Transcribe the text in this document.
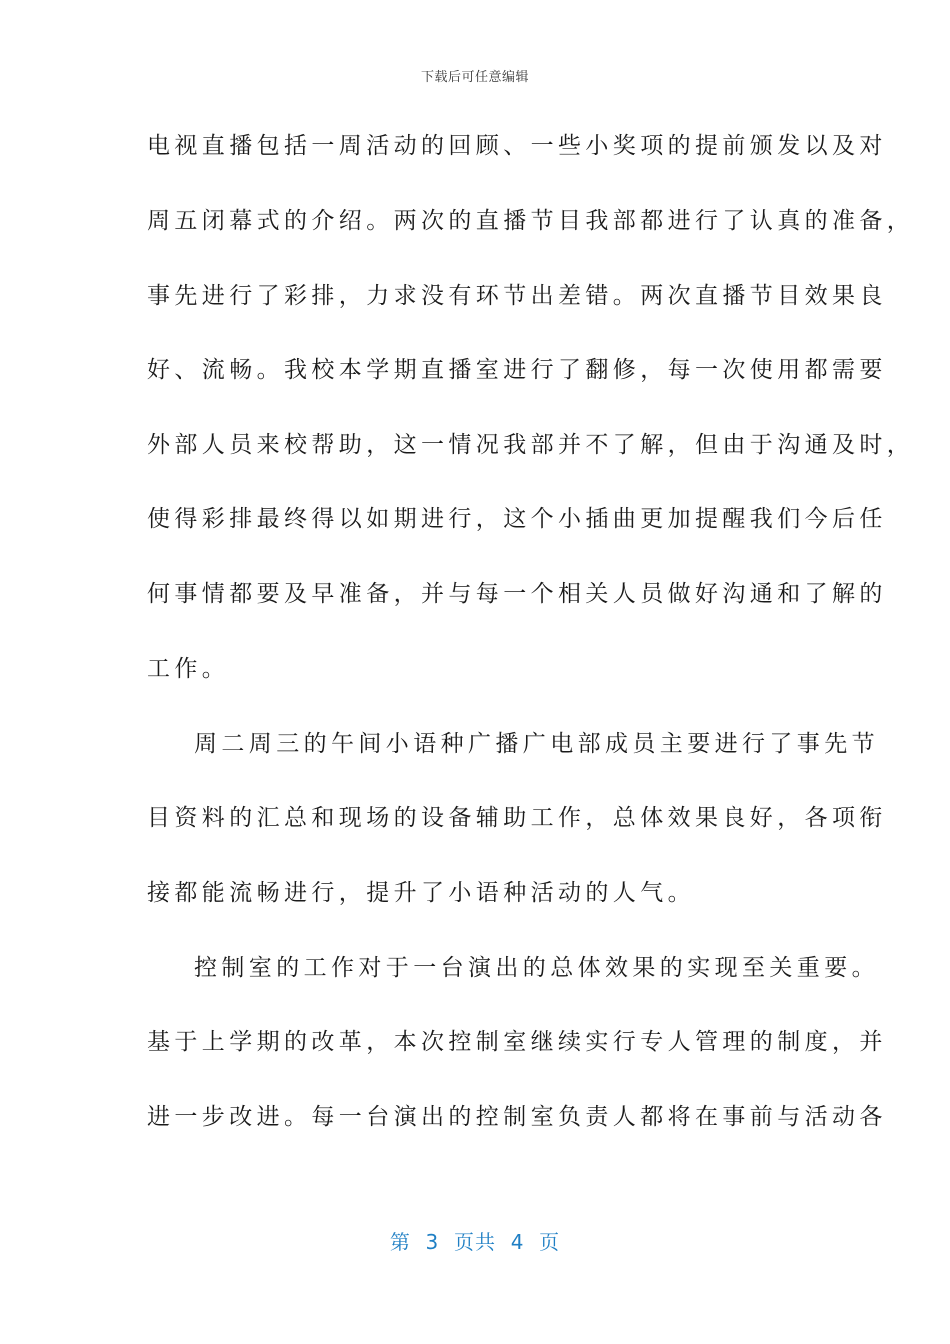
下载后可任意编辑
电视直播包括一周活动的回顾、一些小奖项的提前颁发以及对
周五闭幕式的介绍。两次的直播节目我部都进行了认真的准备，
事先进行了彩排，力求没有环节出差错。两次直播节目效果良
好、流畅。我校本学期直播室进行了翻修，每一次使用都需要
外部人员来校帮助，这一情况我部并不了解，但由于沟通及时，
使得彩排最终得以如期进行，这个小插曲更加提醒我们今后任
何事情都要及早准备，并与每一个相关人员做好沟通和了解的
工作。
周二周三的午间小语种广播广电部成员主要进行了事先节
目资料的汇总和现场的设备辅助工作，总体效果良好，各项衔
接都能流畅进行，提升了小语种活动的人气。
控制室的工作对于一台演出的总体效果的实现至关重要。
基于上学期的改革，本次控制室继续实行专人管理的制度，并
进一步改进。每一台演出的控制室负责人都将在事前与活动各
第  3  页共  4  页
